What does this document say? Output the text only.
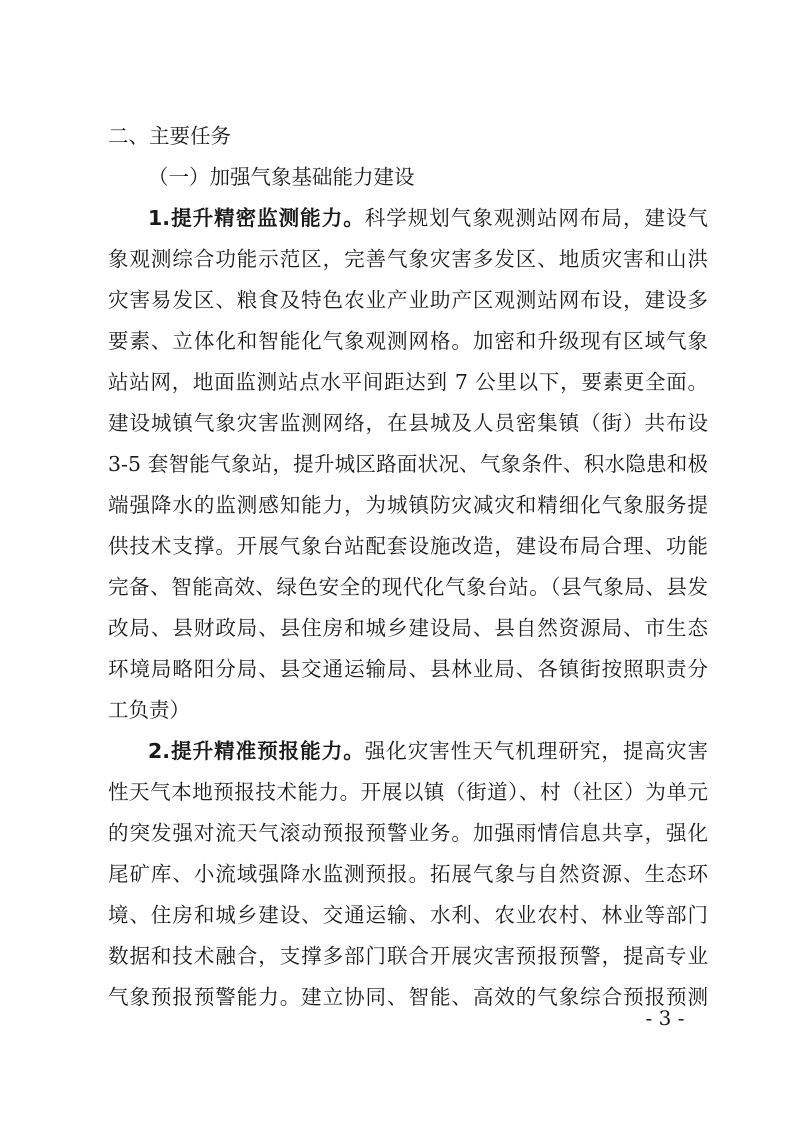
二、主要任务
（一）加强气象基础能力建设
1.提升精密监测能力。科学规划气象观测站网布局，建设气
象观测综合功能示范区，完善气象灾害多发区、地质灾害和山洪
灾害易发区、粮食及特色农业产业助产区观测站网布设，建设多
要素、立体化和智能化气象观测网格。加密和升级现有区域气象
站站网，地面监测站点水平间距达到 7 公里以下，要素更全面。
建设城镇气象灾害监测网络，在县城及人员密集镇（街）共布设
3-5 套智能气象站，提升城区路面状况、气象条件、积水隐患和极
端强降水的监测感知能力，为城镇防灾减灾和精细化气象服务提
供技术支撑。开展气象台站配套设施改造，建设布局合理、功能
完备、智能高效、绿色安全的现代化气象台站。（县气象局、县发
改局、县财政局、县住房和城乡建设局、县自然资源局、市生态
环境局略阳分局、县交通运输局、县林业局、各镇街按照职责分
工负责）
2.提升精准预报能力。强化灾害性天气机理研究，提高灾害
性天气本地预报技术能力。开展以镇（街道）、村（社区）为单元
的突发强对流天气滚动预报预警业务。加强雨情信息共享，强化
尾矿库、小流域强降水监测预报。拓展气象与自然资源、生态环
境、住房和城乡建设、交通运输、水利、农业农村、林业等部门
数据和技术融合，支撑多部门联合开展灾害预报预警，提高专业
气象预报预警能力。建立协同、智能、高效的气象综合预报预测
- 3 -
